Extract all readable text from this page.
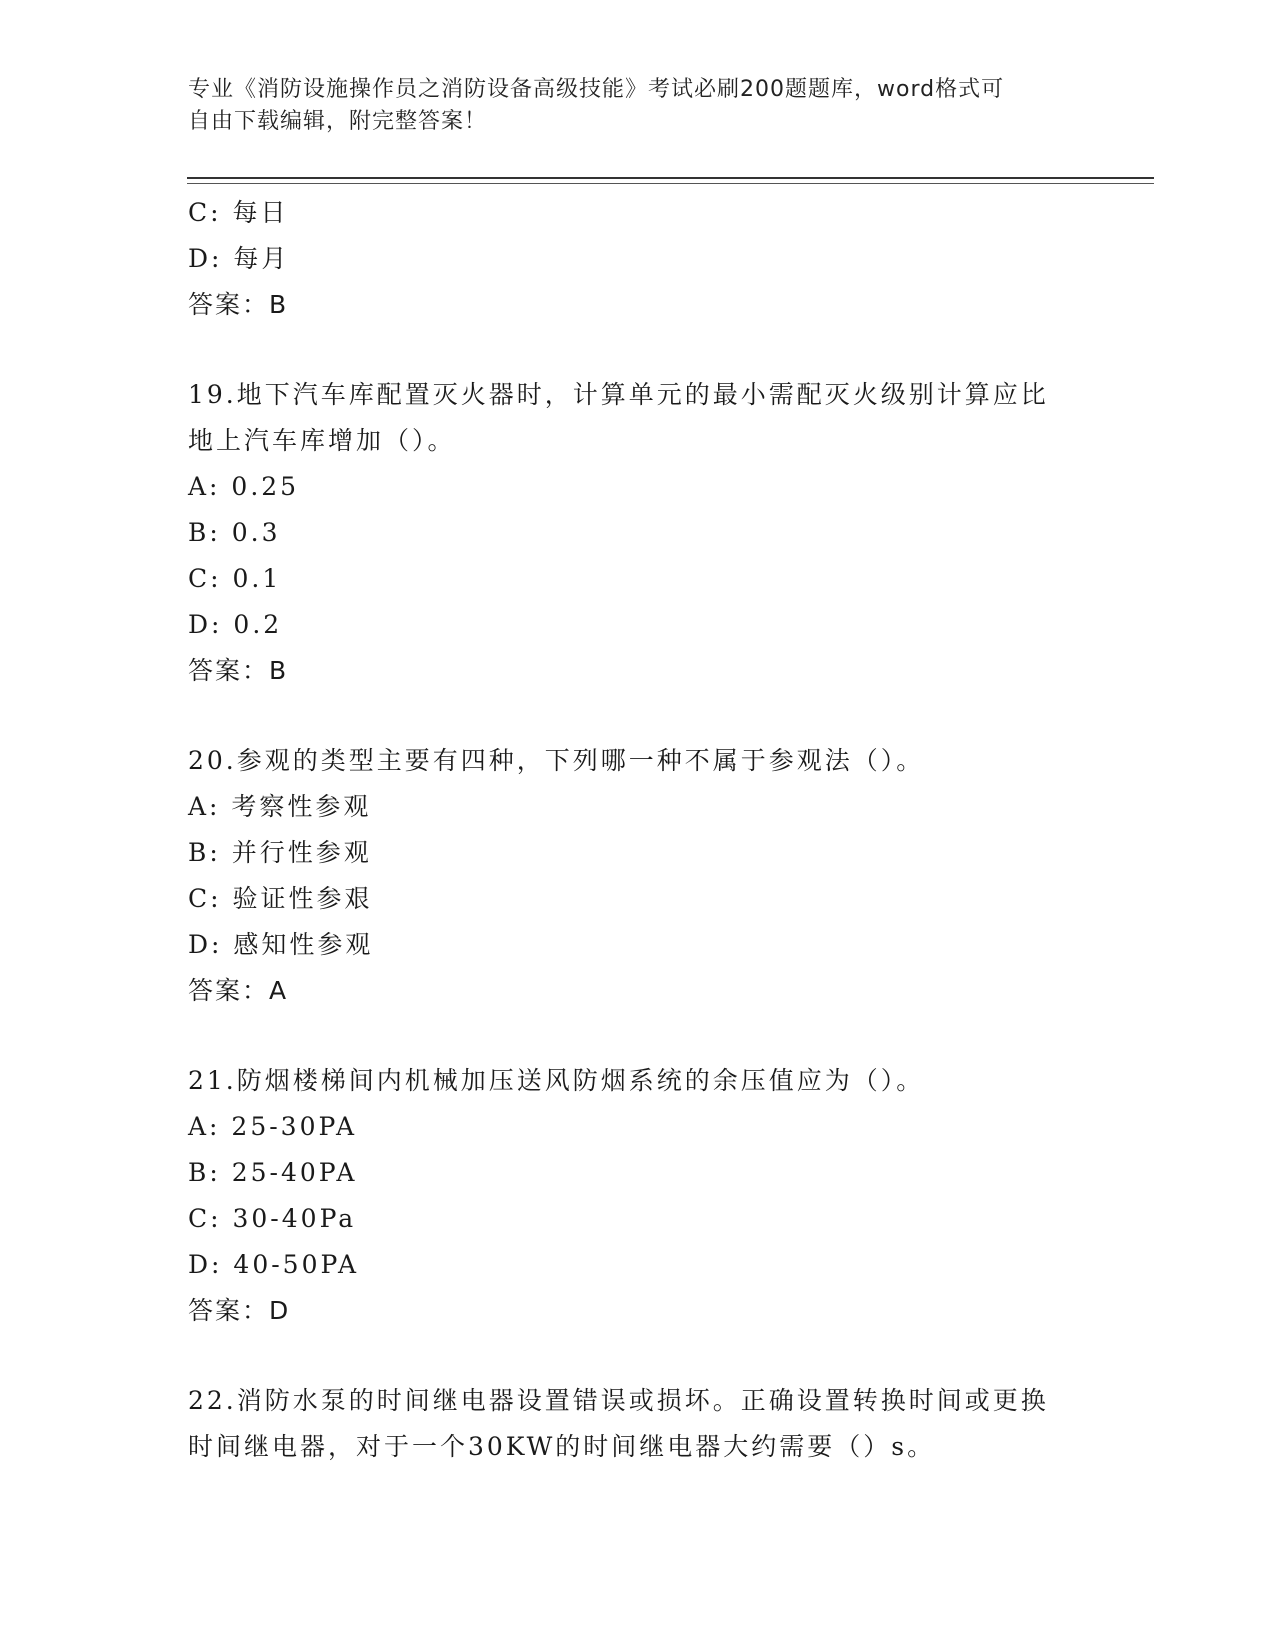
专业《消防设施操作员之消防设备高级技能》考试必刷200题题库，word格式可
自由下载编辑，附完整答案！
C: 每日
D: 每月
答案：B
19.地下汽车库配置灭火器时，计算单元的最小需配灭火级别计算应比
地上汽车库增加（）。
A: 0.25
B: 0.3
C: 0.1
D: 0.2
答案：B
20.参观的类型主要有四种，下列哪一种不属于参观法（）。
A: 考察性参观
B: 并行性参观
C: 验证性参艰
D: 感知性参观
答案：A
21.防烟楼梯间内机械加压送风防烟系统的余压值应为（）。
A: 25-30PA
B: 25-40PA
C: 30-40Pa
D: 40-50PA
答案：D
22.消防水泵的时间继电器设置错误或损坏。正确设置转换时间或更换
时间继电器，对于一个30KW的时间继电器大约需要（）s。
